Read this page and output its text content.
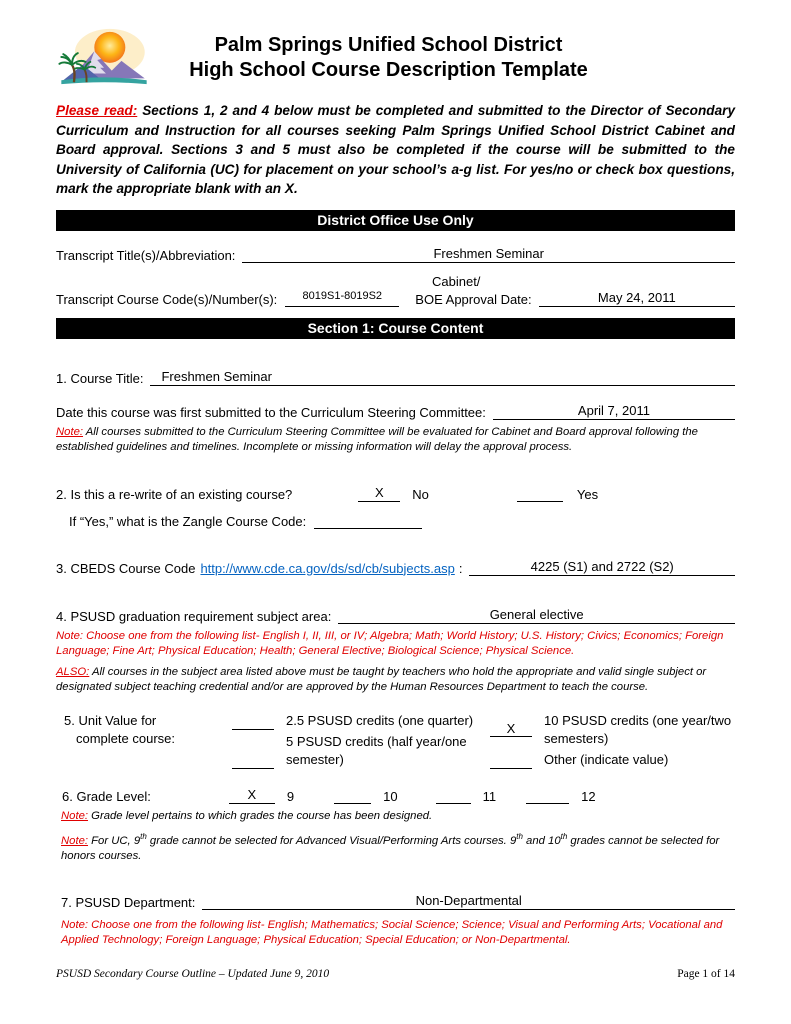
Palm Springs Unified School District
High School Course Description Template

Please read: Sections 1, 2 and 4 below must be completed and submitted to the Director of Secondary Curriculum and Instruction for all courses seeking Palm Springs Unified School District Cabinet and Board approval. Sections 3 and 5 must also be completed if the course will be submitted to the University of California (UC) for placement on your school’s a-g list. For yes/no or check box questions, mark the appropriate blank with an X.

District Office Use Only
Transcript Title(s)/Abbreviation:	Freshmen Seminar
Cabinet/
Transcript Course Code(s)/Number(s):	8019S1-8019S2	BOE Approval Date:	May 24, 2011
Section 1: Course Content
1. Course Title:	Freshmen Seminar
Date this course was first submitted to the Curriculum Steering Committee:	April 7, 2011
Note: All courses submitted to the Curriculum Steering Committee will be evaluated for Cabinet and Board approval following the established guidelines and timelines. Incomplete or missing information will delay the approval process.
2. Is this a re-write of an existing course?	X	No	Yes
If “Yes,” what is the Zangle Course Code:
3. CBEDS Course Code http://www.cde.ca.gov/ds/sd/cb/subjects.asp :	4225 (S1) and 2722 (S2)
4. PSUSD graduation requirement subject area:	General elective
Note: Choose one from the following list- English I, II, III, or IV; Algebra; Math; World History; U.S. History; Civics; Economics; Foreign Language; Fine Art; Physical Education; Health; General Elective; Biological Science; Physical Science.
ALSO: All courses in the subject area listed above must be taught by teachers who hold the appropriate and valid single subject or designated subject teaching credential and/or are approved by the Human Resources Department to teach the course.
5. Unit Value for
complete course:
2.5 PSUSD credits (one quarter)
5 PSUSD credits (half year/one semester)
X
10 PSUSD credits (one year/two semesters)
Other (indicate value)
6. Grade Level:	X	9	10	11	12
Note: Grade level pertains to which grades the course has been designed.
Note: For UC, 9th grade cannot be selected for Advanced Visual/Performing Arts courses. 9th and 10th grades cannot be selected for honors courses.
7. PSUSD Department:	Non-Departmental
Note: Choose one from the following list- English; Mathematics; Social Science; Science; Visual and Performing Arts; Vocational and Applied Technology; Foreign Language; Physical Education; Special Education; or Non-Departmental.
PSUSD Secondary Course Outline – Updated June 9, 2010	Page 1 of 14
